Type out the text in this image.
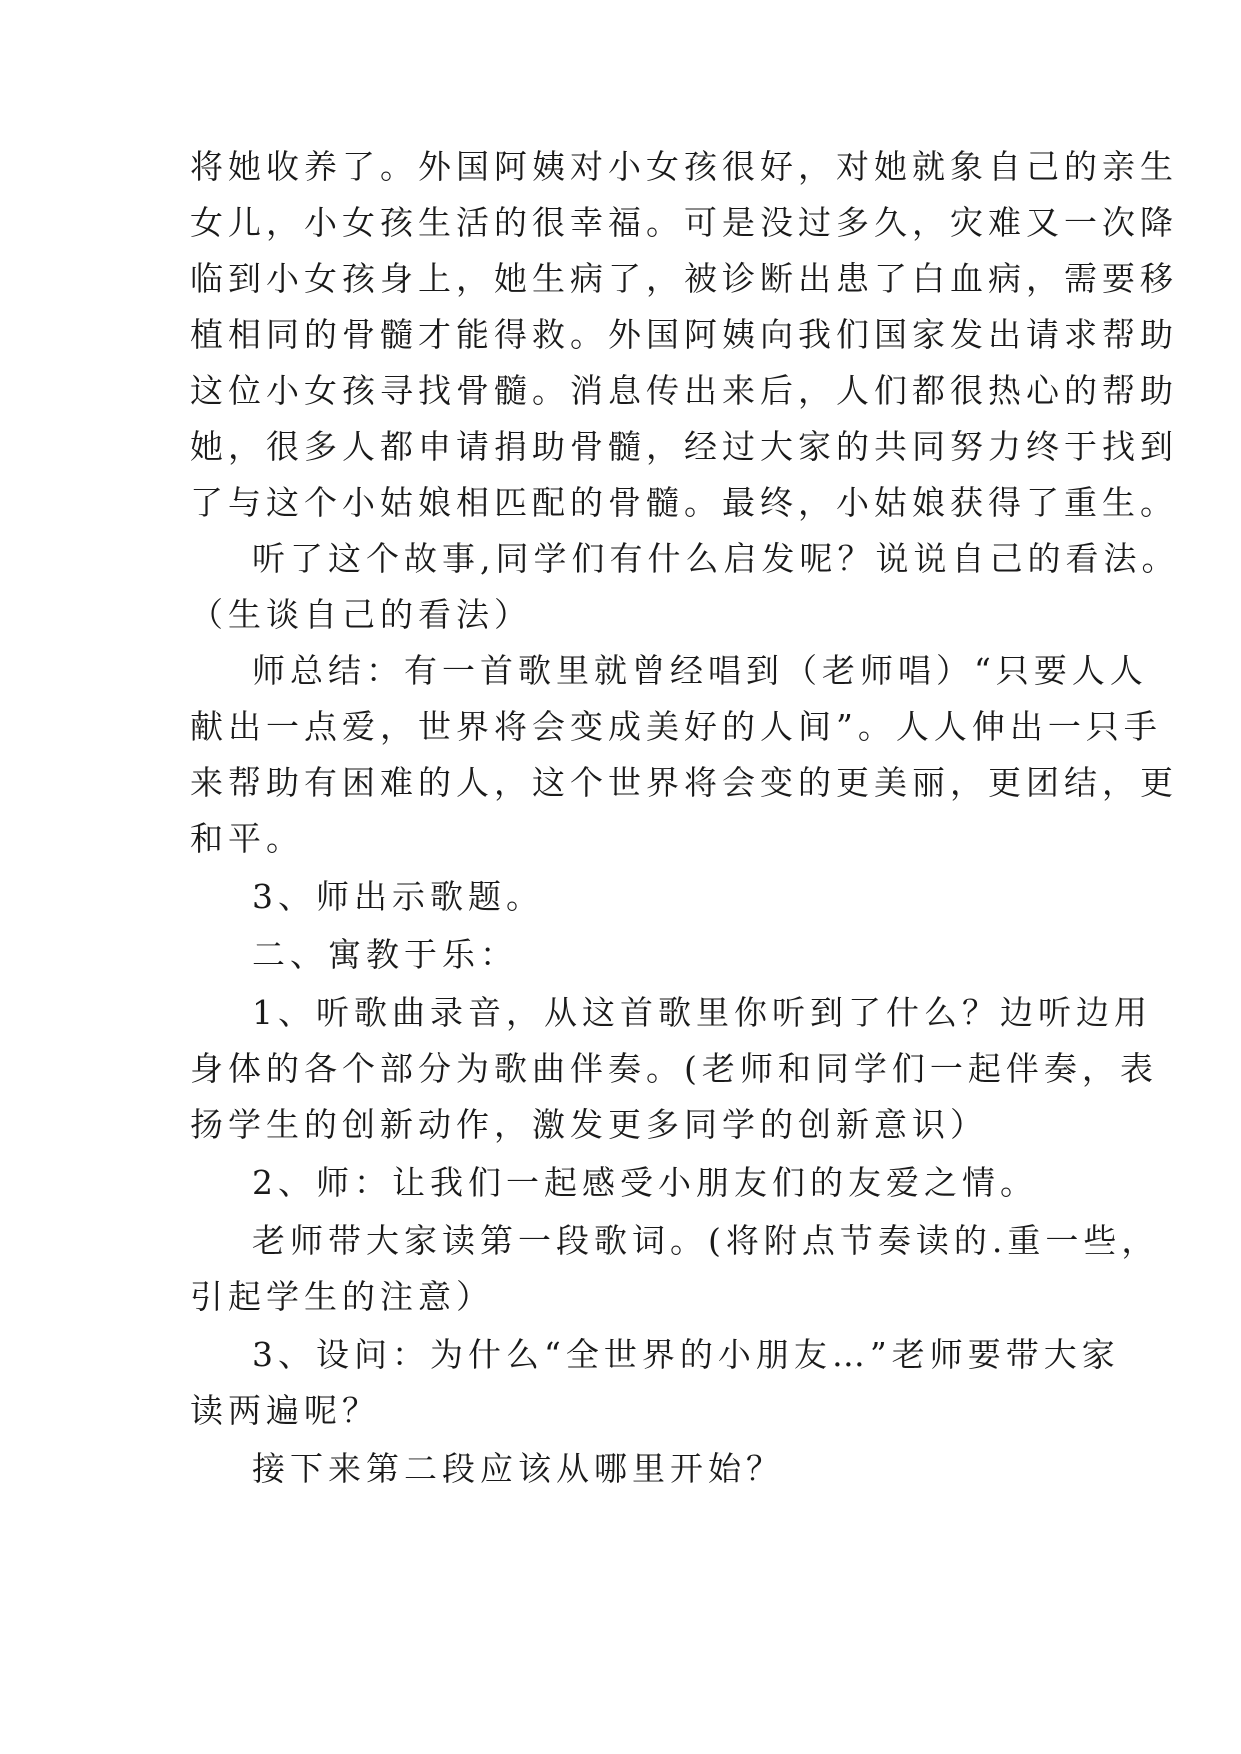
将她收养了。外国阿姨对小女孩很好，对她就象自己的亲生

女儿，小女孩生活的很幸福。可是没过多久，灾难又一次降

临到小女孩身上，她生病了，被诊断出患了白血病，需要移

植相同的骨髓才能得救。外国阿姨向我们国家发出请求帮助

这位小女孩寻找骨髓。消息传出来后，人们都很热心的帮助

她，很多人都申请捐助骨髓，经过大家的共同努力终于找到

了与这个小姑娘相匹配的骨髓。最终，小姑娘获得了重生。

听了这个故事,同学们有什么启发呢？说说自己的看法。

（生谈自己的看法）

师总结：有一首歌里就曾经唱到（老师唱）“只要人人

献出一点爱，世界将会变成美好的人间”。人人伸出一只手

来帮助有困难的人，这个世界将会变的更美丽，更团结，更

和平。

3、师出示歌题。

二、寓教于乐：

1、听歌曲录音，从这首歌里你听到了什么？边听边用

身体的各个部分为歌曲伴奏。(老师和同学们一起伴奏，表

扬学生的创新动作，激发更多同学的创新意识）

2、师：让我们一起感受小朋友们的友爱之情。

老师带大家读第一段歌词。(将附点节奏读的.重一些，

引起学生的注意）

3、设问：为什么“全世界的小朋友…”老师要带大家

读两遍呢？

接下来第二段应该从哪里开始？
